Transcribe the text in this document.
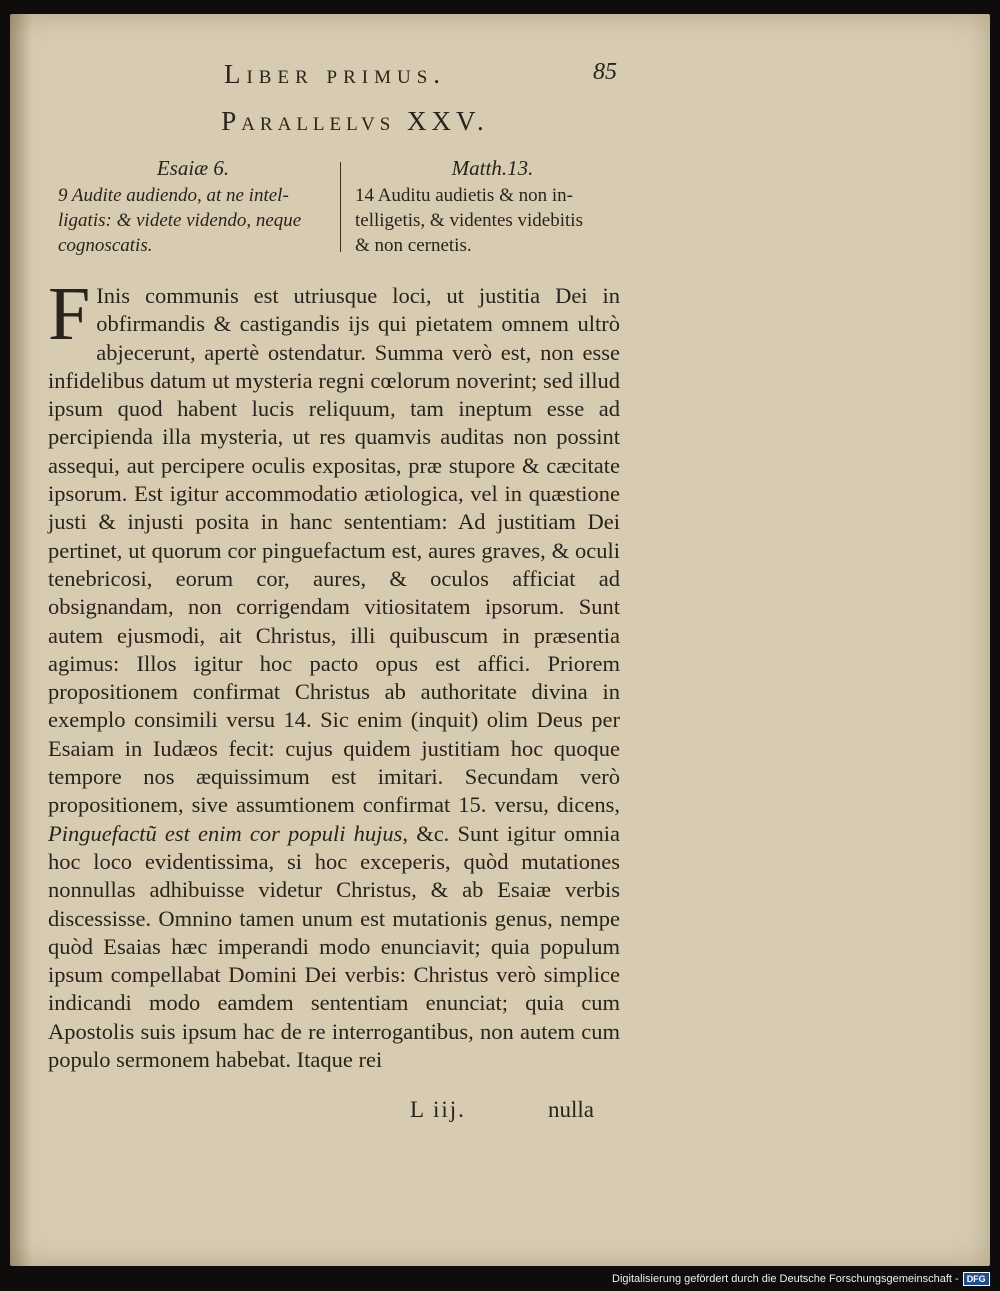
Liber primus.	85
Parallelvs XXV.
Esaiæ 6.
9 Audite audiendo, at ne intel-
ligatis: & videte videndo, neque
cognoscatis.
Matth.13.
14 Auditu audietis & non in-
telligetis, & videntes videbitis
& non cernetis.
F Inis communis est utriusque loci, ut justitia Dei in obfirmandis & castigandis ijs qui pietatem omnem ultrò abjecerunt, apertè ostendatur. Summa verò est, non esse infidelibus datum ut mysteria regni cœlorum noverint; sed illud ipsum quod habent lucis reliquum, tam ineptum esse ad percipienda illa mysteria, ut res quamvis auditas non possint assequi, aut percipere oculis expositas, præ stupore & cæcitate ipsorum. Est igitur accommodatio ætiologica, vel in quæstione justi & injusti posita in hanc sententiam: Ad justitiam Dei pertinet, ut quorum cor pinguefactum est, aures graves, & oculi tenebricosi, eorum cor, aures, & oculos afficiat ad obsignandam, non corrigendam vitiositatem ipsorum. Sunt autem ejusmodi, ait Christus, illi quibuscum in præsentia agimus: Illos igitur hoc pacto opus est affici. Priorem propositionem confirmat Christus ab authoritate divina in exemplo consimili versu 14. Sic enim (inquit) olim Deus per Esaiam in Iudæos fecit: cujus quidem justitiam hoc quoque tempore nos æquissimum est imitari. Secundam verò propositionem, sive assumtionem confirmat 15. versu, dicens, Pinguefactũ est enim cor populi hujus, &c. Sunt igitur omnia hoc loco evidentissima, si hoc exceperis, quòd mutationes nonnullas adhibuisse videtur Christus, & ab Esaiæ verbis discessisse. Omnino tamen unum est mutationis genus, nempe quòd Esaias hæc imperandi modo enunciavit; quia populum ipsum compellabat Domini Dei verbis: Christus verò simplice indicandi modo eamdem sententiam enunciat; quia cum Apostolis suis ipsum hac de re interrogantibus, non autem cum populo sermonem habebat. Itaque rei
L iij.	nulla
Digitalisierung gefördert durch die Deutsche Forschungsgemeinschaft - DFG
